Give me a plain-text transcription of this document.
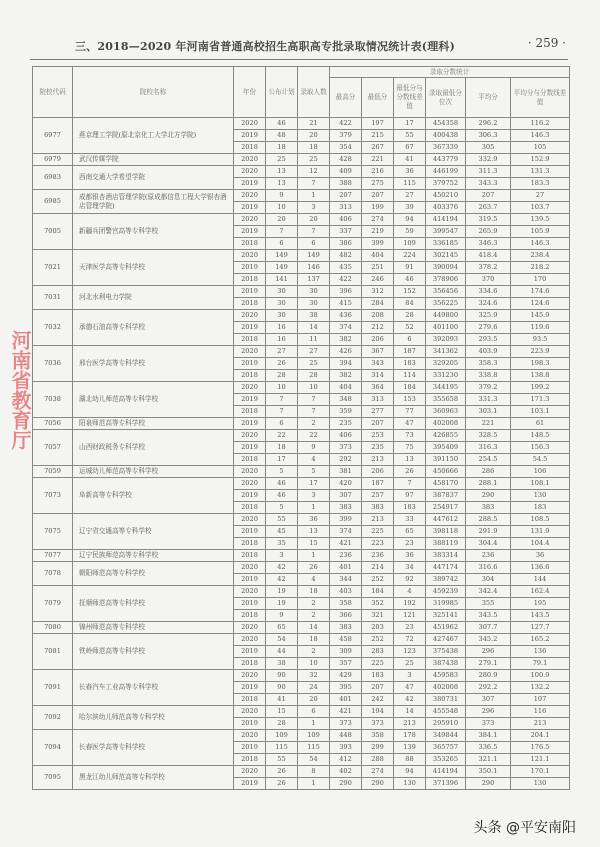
三、2018—2020 年河南省普通高校招生高职高专批录取情况统计表(理科)	· 259 ·
院校代码	院校名称	年份	公布计划	录取人数	录取分数统计					
					最高分	最低分	最低分与分数线差值	录取最低分位次	平均分	平均分与分数线差值
6977	燕京理工学院(原北京化工大学北方学院)	2020	46	21	422	197	17	454358	296.2	116.2
		2019	48	20	379	215	55	400438	306.3	146.3
		2018	18	18	354	267	67	367339	305	105
6979	武汉传媒学院	2020	25	25	428	221	41	443779	332.9	152.9
6983	西南交通大学希望学院	2020	13	12	409	216	36	446199	311.3	131.3
		2019	13	7	388	275	115	379752	343.3	183.3
6985	成都银杏酒店管理学院(原成都信息工程大学银杏酒店管理学院)	2020	9	1	207	207	27	450210	207	27
		2019	10	3	313	199	39	403376	263.7	103.7
7005	新疆兵团警官高等专科学校	2020	20	20	406	274	94	414194	319.5	139.5
		2019	7	7	337	219	59	399547	265.9	105.9
		2018	6	6	386	399	109	336185	346.3	146.3
7021	天津医学高等专科学校	2020	149	149	482	404	224	302145	418.4	238.4
		2019	149	146	435	251	91	390094	378.2	218.2
		2018	141	137	422	246	46	378906	370	170
7031	河北水利电力学院	2019	30	30	396	312	152	356456	334.6	174.6
		2018	30	30	415	284	84	356225	324.6	124.6
7032	承德石油高等专科学校	2020	30	38	436	208	28	449800	325.9	145.9
		2019	16	14	374	212	52	401100	279.6	119.6
		2018	16	11	382	206	6	392093	293.5	93.5
7036	邢台医学高等专科学校	2020	27	27	426	367	187	341362	403.9	223.9
		2019	26	25	394	343	183	329205	358.3	198.3
		2018	28	28	382	314	114	331230	338.8	138.8
7038	湖北幼儿师范高等专科学校	2020	10	10	404	364	184	344195	379.2	199.2
		2019	7	7	348	313	153	355658	331.3	171.3
		2018	7	7	359	277	77	360963	303.1	103.1
7056	阳泉师范高等专科学校	2019	6	2	235	207	47	402008	221	61
7057	山西财政税务专科学校	2020	22	22	406	253	73	426855	328.5	148.5
		2019	18	9	373	235	75	395409	316.3	156.3
		2018	17	4	292	213	13	391150	254.5	54.5
7059	运城幼儿师范高等专科学校	2020	5	5	381	206	26	450666	286	106
7073	阜新高等专科学校	2020	46	17	420	187	7	458170	288.1	108.1
		2019	46	3	307	257	97	387837	290	130
		2018	5	1	383	383	183	254917	383	183
7075	辽宁省交通高等专科学校	2020	55	36	399	213	33	447612	288.5	108.5
		2019	45	13	374	225	65	398118	291.9	131.9
		2018	35	15	421	223	23	388119	304.4	104.4
7077	辽宁民族师范高等专科学校	2018	3	1	236	236	36	383314	236	36
7078	朝阳师范高等专科学校	2020	42	26	401	214	34	447174	316.6	136.6
		2019	42	4	344	252	92	389742	304	144
7079	抚顺师范高等专科学校	2020	19	18	403	184	4	459239	342.4	162.4
		2019	19	2	358	352	192	319985	355	195
		2018	9	2	366	321	121	325141	343.5	143.5
7080	锦州师范高等专科学校	2020	65	14	383	203	23	451962	307.7	127.7
7081	铁岭师范高等专科学校	2020	54	18	458	252	72	427467	345.2	165.2
		2019	44	2	309	283	123	375438	296	136
		2018	38	10	357	225	25	387438	279.1	79.1
7091	长春汽车工业高等专科学校	2020	90	32	429	183	3	459583	280.9	100.9
		2019	90	24	395	207	47	402008	292.2	132.2
		2018	41	20	401	242	42	380731	307	107
7092	哈尔滨幼儿师范高等专科学校	2020	15	6	421	194	14	455548	296	116
		2019	28	1	373	373	213	295910	373	213
7094	长春医学高等专科学校	2020	109	109	448	358	178	349844	384.1	204.1
		2019	115	115	393	299	139	365757	336.5	176.5
		2018	55	54	412	288	88	353265	321.1	121.1
7095	黑龙江幼儿师范高等专科学校	2020	26	8	402	274	94	414194	350.1	170.1
		2019	26	1	290	290	130	371396	290	130
河南省教育厅
头条 @平安南阳
